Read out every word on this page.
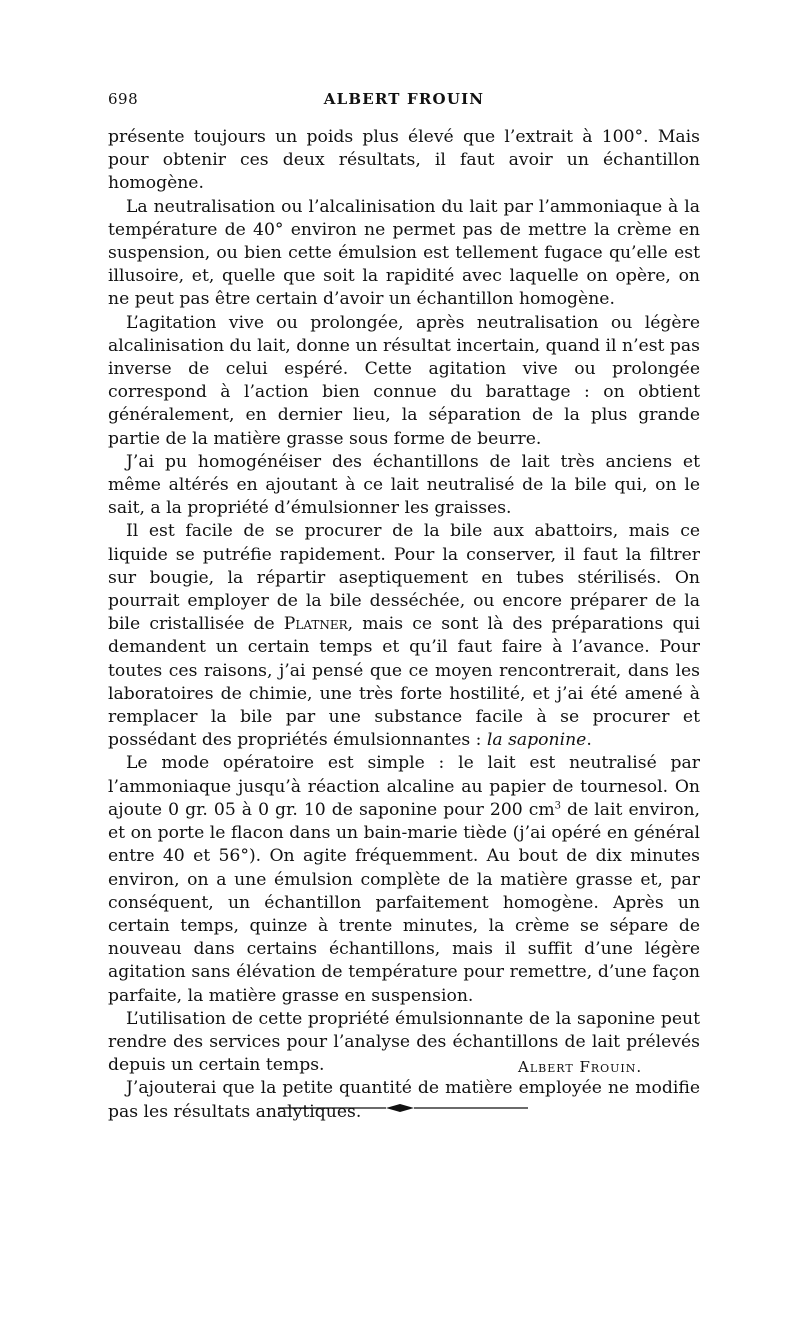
698	ALBERT FROUIN

présente toujours un poids plus élevé que l’extrait à 100°. Mais pour obtenir ces deux résultats, il faut avoir un échantillon homogène.

La neutralisation ou l’alcalinisation du lait par l’ammoniaque à la température de 40° environ ne permet pas de mettre la crème en suspension, ou bien cette émulsion est tellement fugace qu’elle est illusoire, et, quelle que soit la rapidité avec laquelle on opère, on ne peut pas être certain d’avoir un échantillon homogène.

L’agitation vive ou prolongée, après neutralisation ou légère alcalinisation du lait, donne un résultat incertain, quand il n’est pas inverse de celui espéré. Cette agitation vive ou prolongée correspond à l’action bien connue du barattage : on obtient généralement, en dernier lieu, la séparation de la plus grande partie de la matière grasse sous forme de beurre.

J’ai pu homogénéiser des échantillons de lait très anciens et même altérés en ajoutant à ce lait neutralisé de la bile qui, on le sait, a la propriété d’émulsionner les graisses.

Il est facile de se procurer de la bile aux abattoirs, mais ce liquide se putréfie rapidement. Pour la conserver, il faut la filtrer sur bougie, la répartir aseptiquement en tubes stérilisés. On pourrait employer de la bile desséchée, ou encore préparer de la bile cristallisée de Platner, mais ce sont là des préparations qui demandent un certain temps et qu’il faut faire à l’avance. Pour toutes ces raisons, j’ai pensé que ce moyen rencontrerait, dans les laboratoires de chimie, une très forte hostilité, et j’ai été amené à remplacer la bile par une substance facile à se procurer et possédant des propriétés émulsionnantes : la saponine.

Le mode opératoire est simple : le lait est neutralisé par l’ammoniaque jusqu’à réaction alcaline au papier de tournesol. On ajoute 0 gr. 05 à 0 gr. 10 de saponine pour 200 $cm^3$ de lait environ, et on porte le flacon dans un bain-marie tiède (j’ai opéré en général entre 40 et 56°). On agite fréquemment. Au bout de dix minutes environ, on a une émulsion complète de la matière grasse et, par conséquent, un échantillon parfaitement homogène. Après un certain temps, quinze à trente minutes, la crème se sépare de nouveau dans certains échantillons, mais il suffit d’une légère agitation sans élévation de température pour remettre, d’une façon parfaite, la matière grasse en suspension.

L’utilisation de cette propriété émulsionnante de la saponine peut rendre des services pour l’analyse des échantillons de lait prélevés depuis un certain temps.

J’ajouterai que la petite quantité de matière employée ne modifie pas les résultats analytiques.

Albert Frouin.
